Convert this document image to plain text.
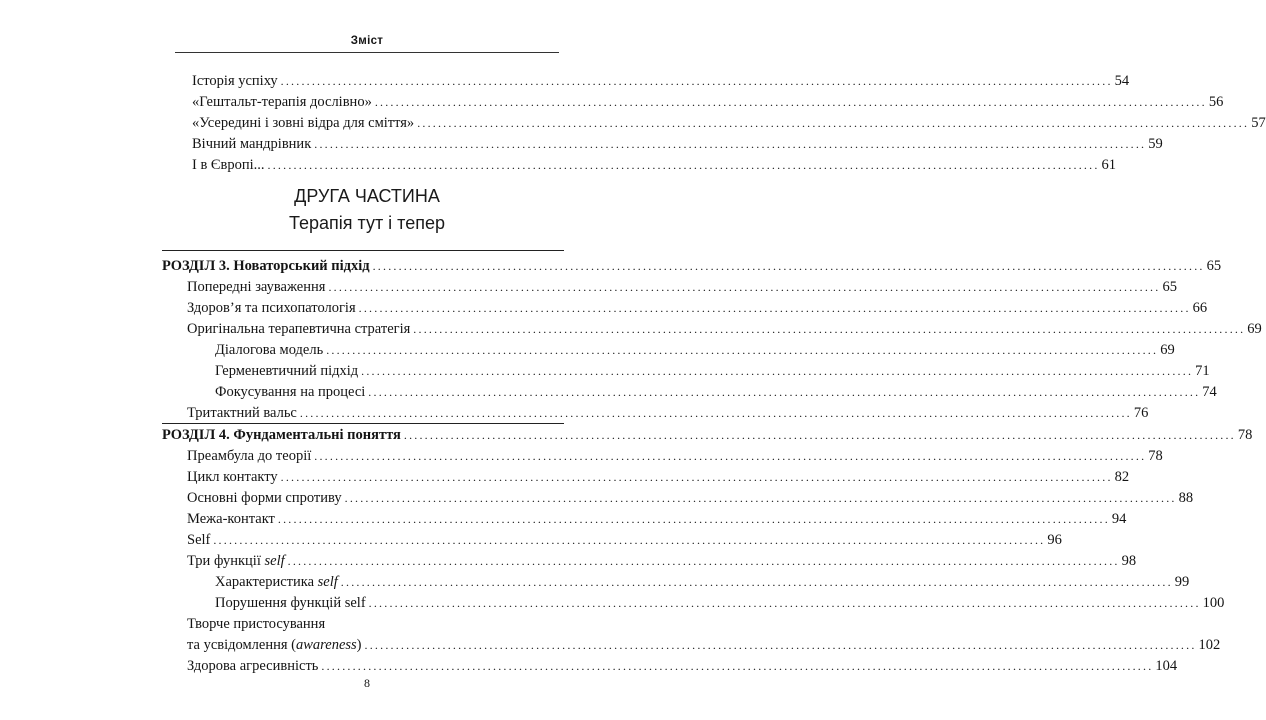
Зміст
Історія успіху ................................................................................................................................................................ 54
«Гештальт-терапія дослівно» ................................................................................................................................................................ 56
«Усередині і зовні відра для сміття» ................................................................................................................................................................ 57
Вічний мандрівник ................................................................................................................................................................ 59
І в Європі... ................................................................................................................................................................ 61
РОЗДІЛ 3. Новаторський підхід ................................................................................................................................................................ 65
Попередні зауваження ................................................................................................................................................................ 65
Здоров’я та психопатологія ................................................................................................................................................................ 66
Оригінальна терапевтична стратегія ................................................................................................................................................................ 69
Діалогова модель ................................................................................................................................................................ 69
Герменевтичний підхід ................................................................................................................................................................ 71
Фокусування на процесі ................................................................................................................................................................ 74
Тритактний вальс ................................................................................................................................................................ 76
РОЗДІЛ 4. Фундаментальні поняття ................................................................................................................................................................ 78
Преамбула до теорії ................................................................................................................................................................ 78
Цикл контакту ................................................................................................................................................................ 82
Основні форми спротиву ................................................................................................................................................................ 88
Межа-контакт ................................................................................................................................................................ 94
Self ................................................................................................................................................................ 96
Три функції self ................................................................................................................................................................ 98
Характеристика self ................................................................................................................................................................ 99
Порушення функцій self ................................................................................................................................................................ 100
Творче пристосування
та усвідомлення (awareness) ................................................................................................................................................................ 102
Здорова агресивність ................................................................................................................................................................ 104
ДРУГА ЧАСТИНА
Терапія тут і тепер
8
